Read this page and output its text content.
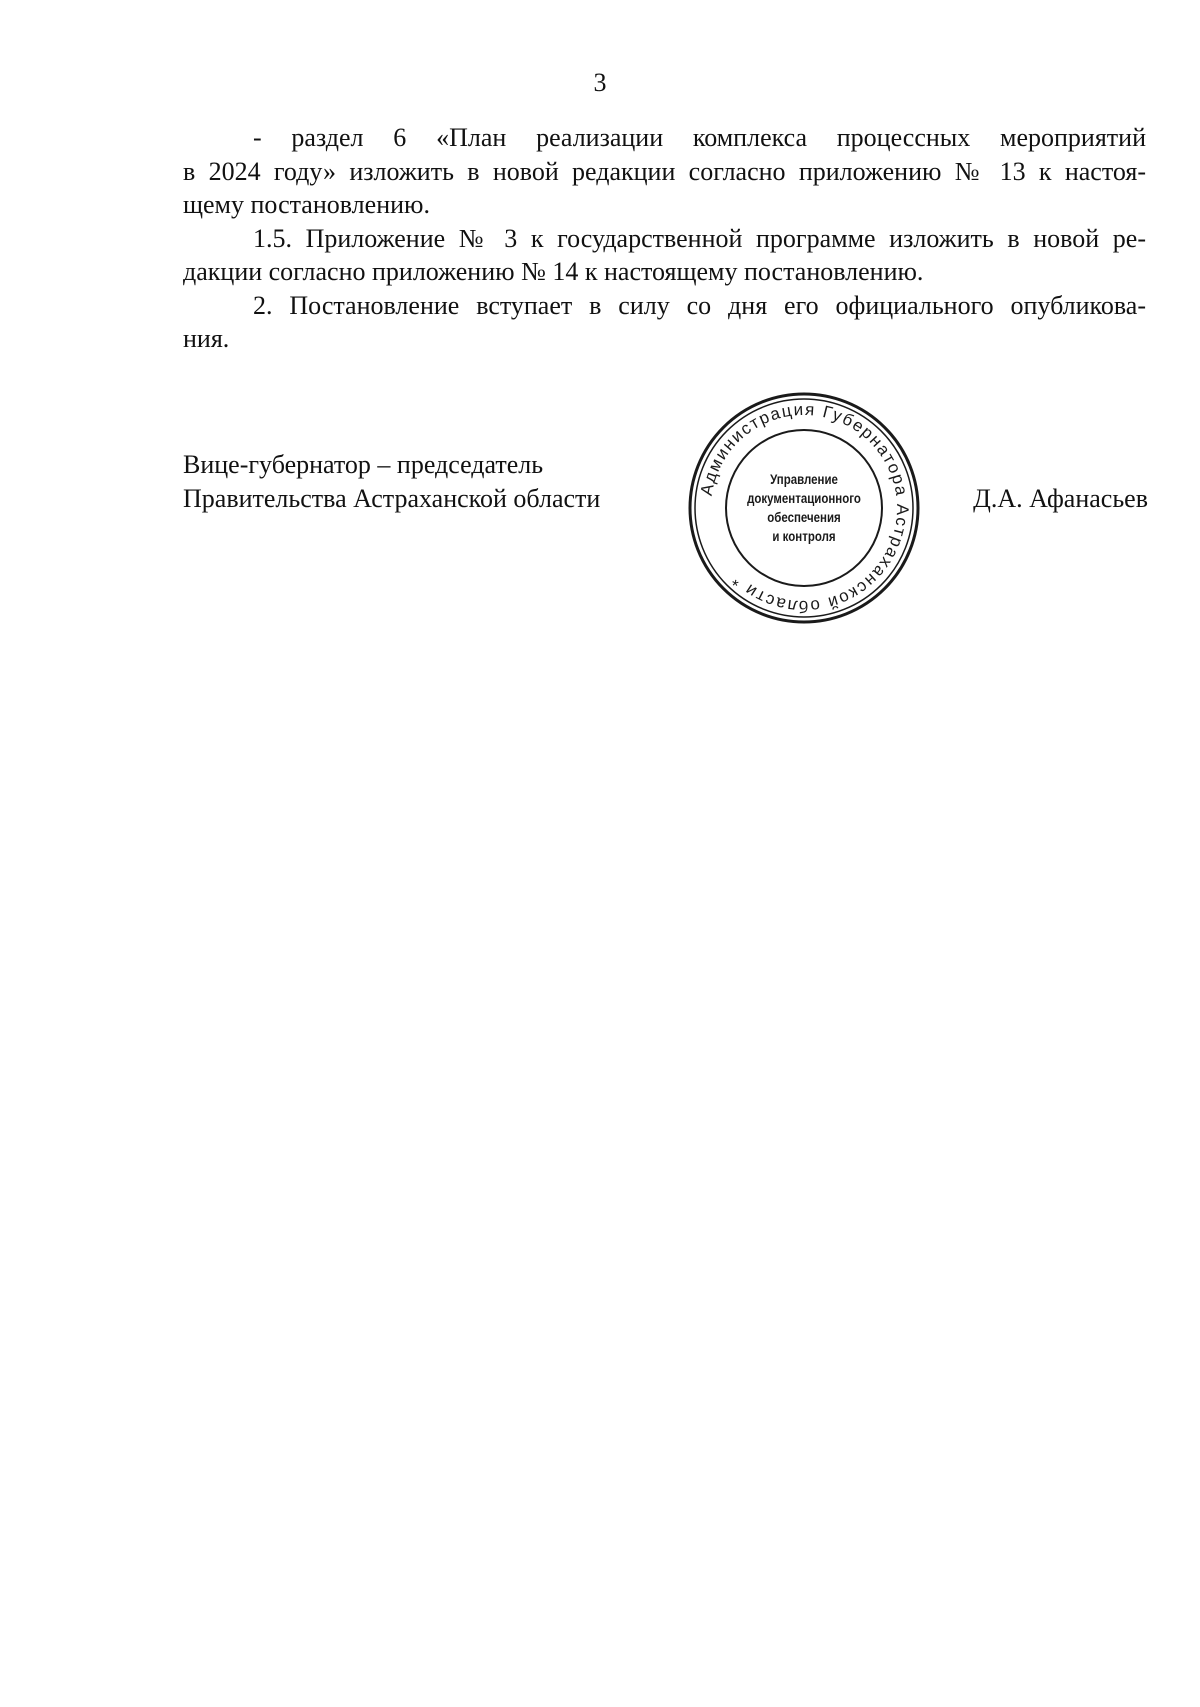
3

- раздел 6 «План реализации комплекса процессных мероприятий
в 2024 году» изложить в новой редакции согласно приложению № 13 к настоя-
щему постановлению.

1.5. Приложение № 3 к государственной программе изложить в новой ре-
дакции согласно приложению № 14 к настоящему постановлению.

2. Постановление вступает в силу со дня его официального опубликова-
ния.

Вице-губернатор – председатель
Правительства Астраханской области	Администрация Губернатора Астраханской области *
Управление
документационного
обеспечения
и контроля
Д.А. Афанасьев
